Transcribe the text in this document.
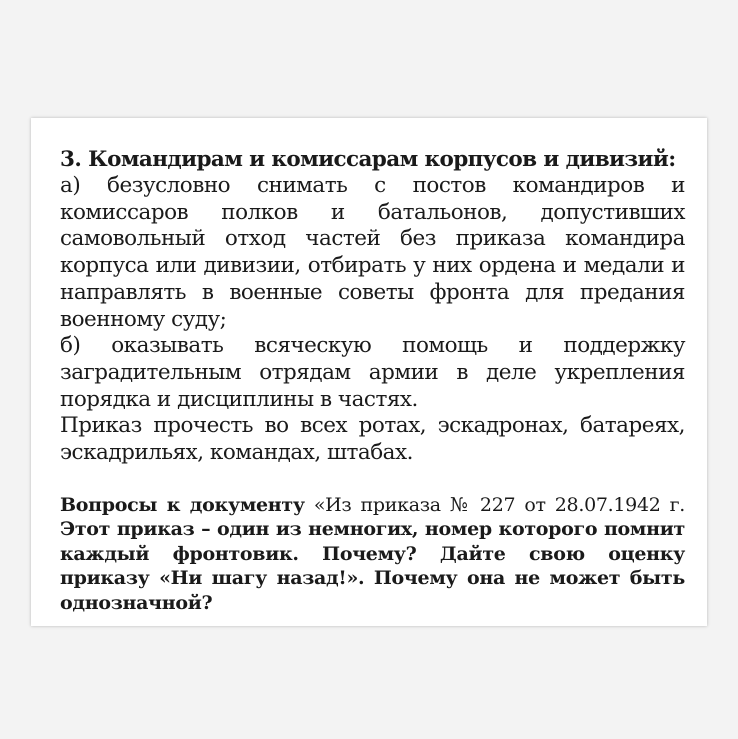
3. Командирам и комиссарам корпусов и дивизий:

а) безусловно снимать с постов командиров и комиссаров полков и батальонов, допустивших самовольный отход частей без приказа командира корпуса или дивизии, отбирать у них ордена и медали и направлять в военные советы фронта для предания военному суду;

б) оказывать всяческую помощь и поддержку заградительным отрядам армии в деле укрепления порядка и дисциплины в частях.

Приказ прочесть во всех ротах, эскадронах, батареях, эскадрильях, командах, штабах.

Вопросы к документу «Из приказа № 227 от 28.07.1942 г. Этот приказ – один из немногих, номер которого помнит каждый фронтовик. Почему? Дайте свою оценку приказу «Ни шагу назад!». Почему она не может быть однозначной?
